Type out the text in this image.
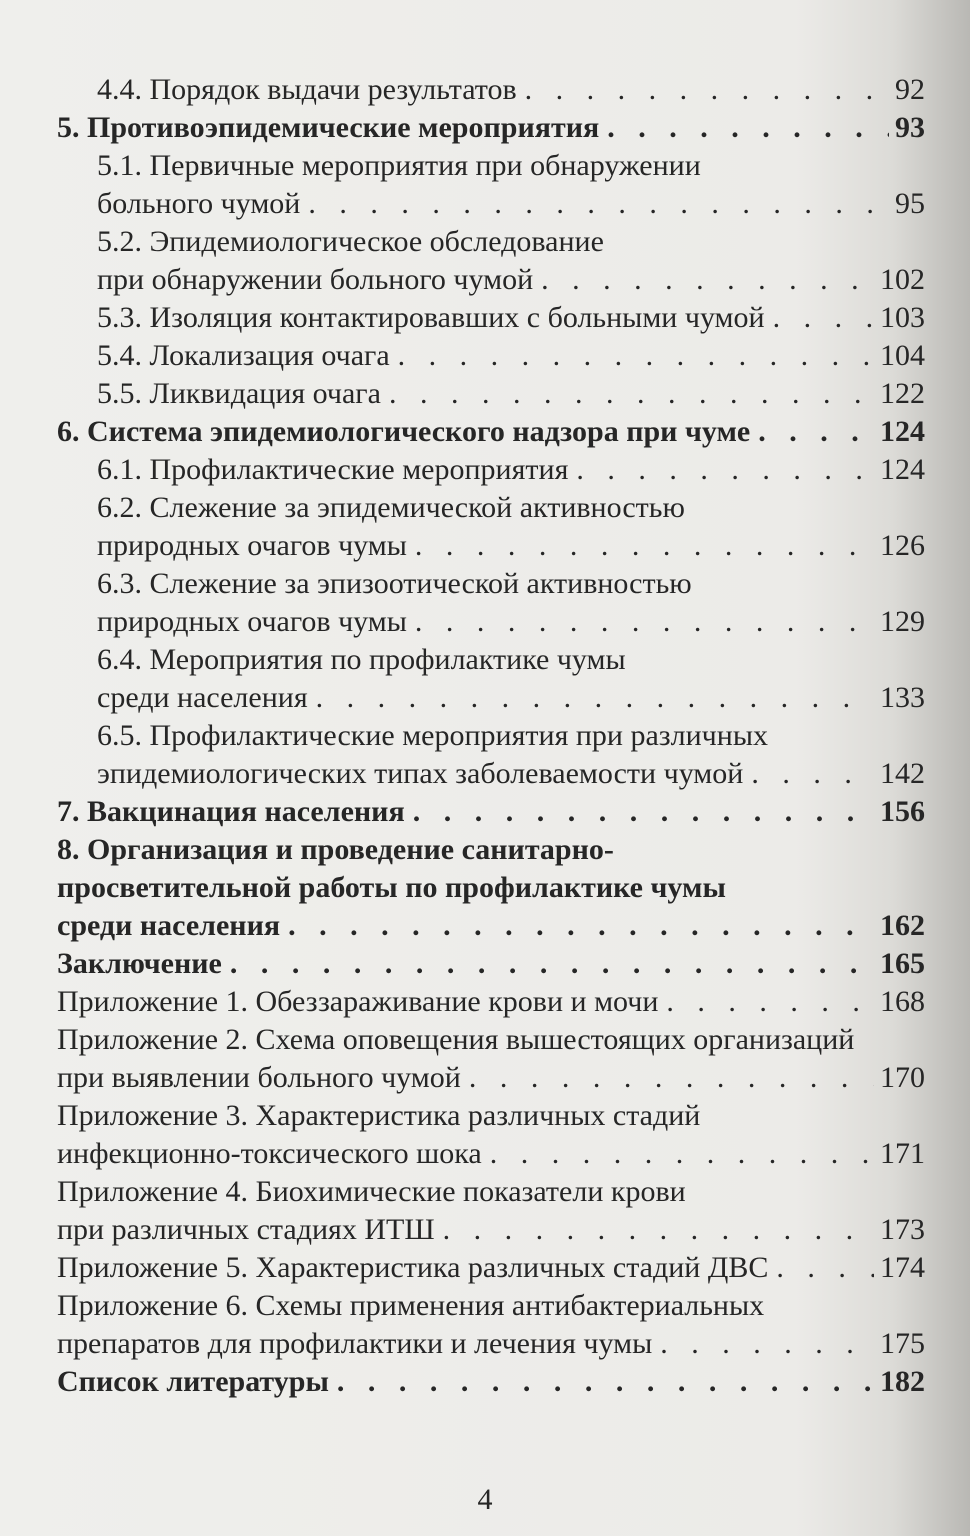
4.4. Порядок выдачи результатов . . .	92
5. Противоэпидемические мероприятия . . .	93
5.1. Первичные мероприятия при обнаружении
больного чумой . . .	95
5.2. Эпидемиологическое обследование
при обнаружении больного чумой . . .	102
5.3. Изоляция контактировавших с больными чумой . . .	103
5.4. Локализация очага . . .	104
5.5. Ликвидация очага . . .	122
6. Система эпидемиологического надзора при чуме . . .	124
6.1. Профилактические мероприятия . . .	124
6.2. Слежение за эпидемической активностью
природных очагов чумы . . .	126
6.3. Слежение за эпизоотической активностью
природных очагов чумы . . .	129
6.4. Мероприятия по профилактике чумы
среди населения . . .	133
6.5. Профилактические мероприятия при различных
эпидемиологических типах заболеваемости чумой . . .	142
7. Вакцинация населения . . .	156
8. Организация и проведение санитарно-
просветительной работы по профилактике чумы
среди населения . . .	162
Заключение . . .	165
Приложение 1. Обеззараживание крови и мочи . . .	168
Приложение 2. Схема оповещения вышестоящих организаций
при выявлении больного чумой . . .	170
Приложение 3. Характеристика различных стадий
инфекционно-токсического шока . . .	171
Приложение 4. Биохимические показатели крови
при различных стадиях ИТШ . . .	173
Приложение 5. Характеристика различных стадий ДВС . . .	174
Приложение 6. Схемы применения антибактериальных
препаратов для профилактики и лечения чумы . . .	175
Список литературы . . .	182
4
